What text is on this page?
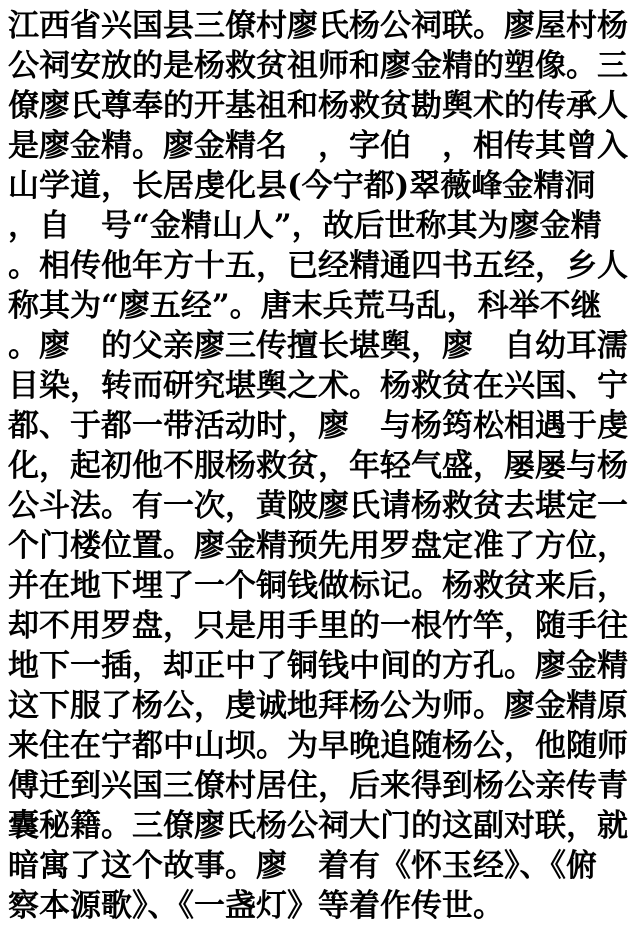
江西省兴国县三僚村廖氏杨公祠联。廖屋村杨
公祠安放的是杨救贫祖师和廖金精的塑像。三
僚廖氏尊奉的开基祖和杨救贫勘舆术的传承人
是廖金精。廖金精名　，字伯　，相传其曾入
山学道，长居虔化县(今宁都)翠薇峰金精洞
，自　号“金精山人”，故后世称其为廖金精
。相传他年方十五，已经精通四书五经，乡人
称其为“廖五经”。唐末兵荒马乱，科举不继
。廖　的父亲廖三传擅长堪舆，廖　自幼耳濡
目染，转而研究堪舆之术。杨救贫在兴国、宁
都、于都一带活动时，廖　与杨筠松相遇于虔
化，起初他不服杨救贫，年轻气盛，屡屡与杨
公斗法。有一次，黄陂廖氏请杨救贫去堪定一
个门楼位置。廖金精预先用罗盘定准了方位，
并在地下埋了一个铜钱做标记。杨救贫来后，
却不用罗盘，只是用手里的一根竹竿，随手往
地下一插，却正中了铜钱中间的方孔。廖金精
这下服了杨公，虔诚地拜杨公为师。廖金精原
来住在宁都中山坝。为早晚追随杨公，他随师
傅迁到兴国三僚村居住，后来得到杨公亲传青
囊秘籍。三僚廖氏杨公祠大门的这副对联，就
暗寓了这个故事。廖　着有《怀玉经》、《俯
察本源歌》、《一盏灯》等着作传世。
